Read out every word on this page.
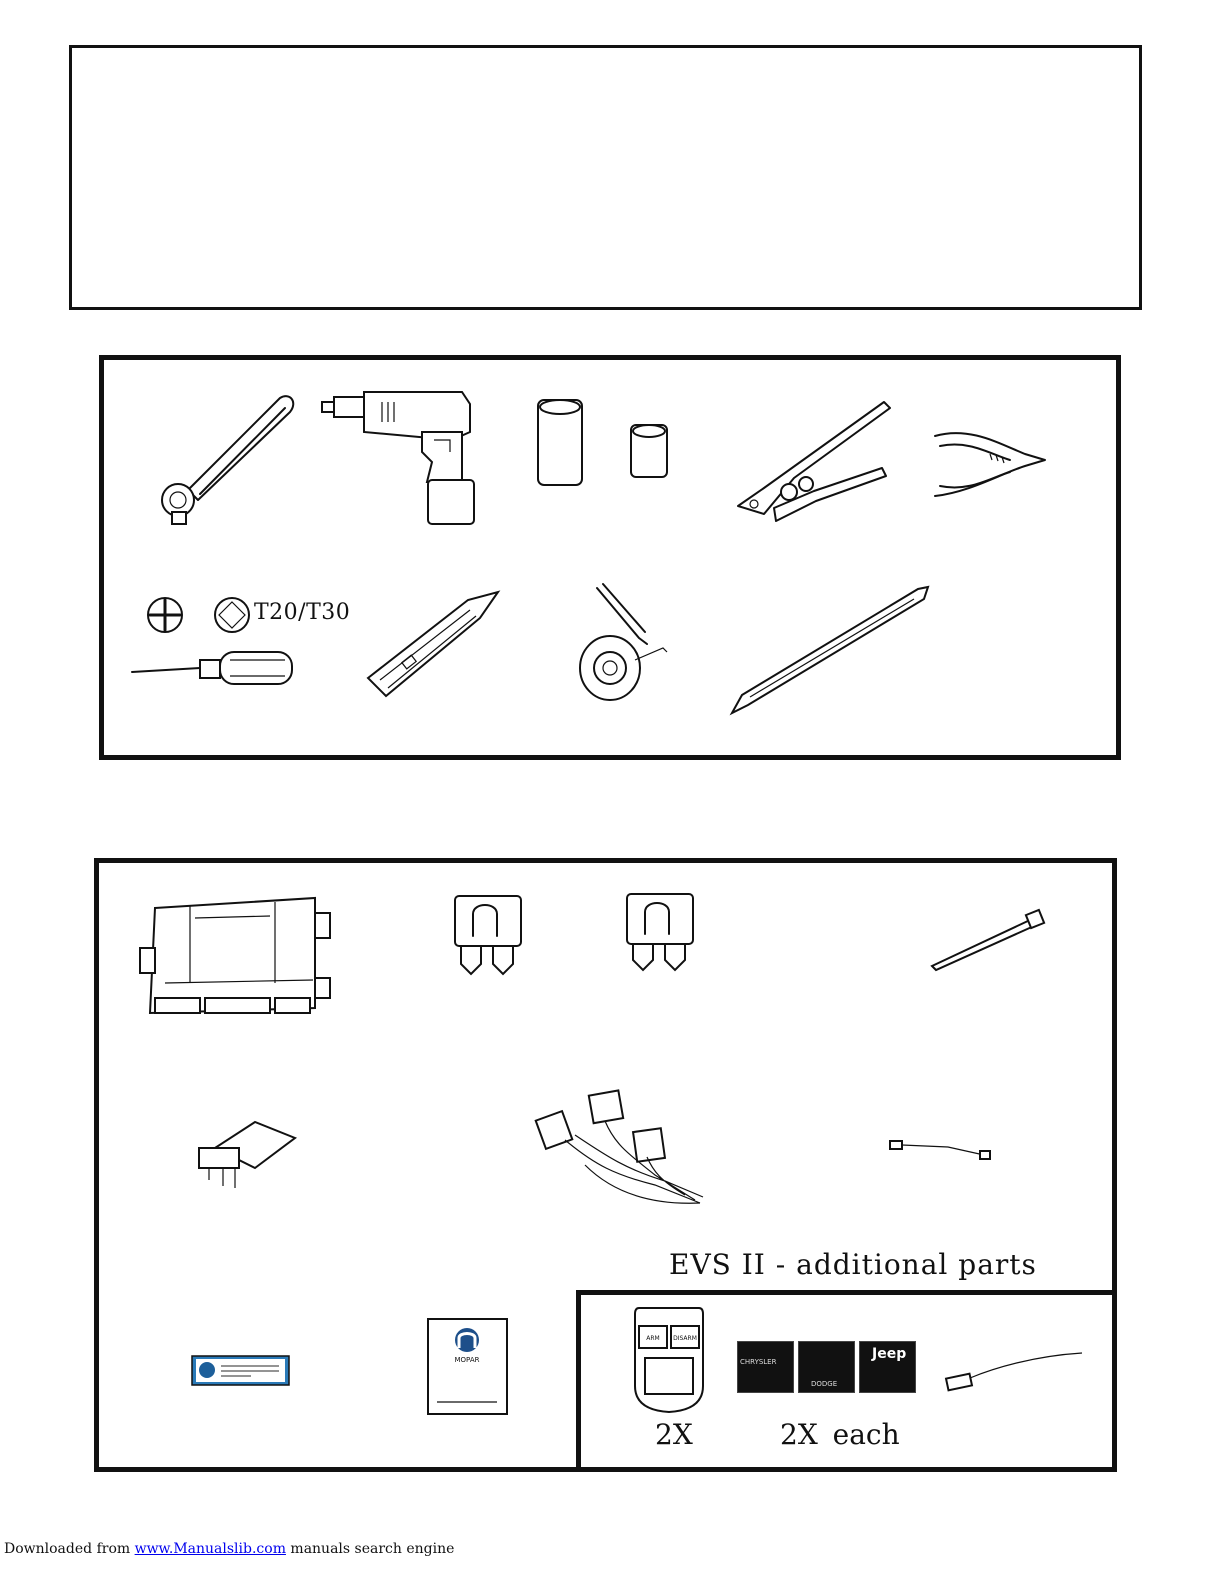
T20/T30
MOPAR
EVS II - additional parts
ARM DISARM
2X
CHRYSLER
DODGE
Jeep
2X each
Downloaded from www.Manualslib.com manuals search engine
